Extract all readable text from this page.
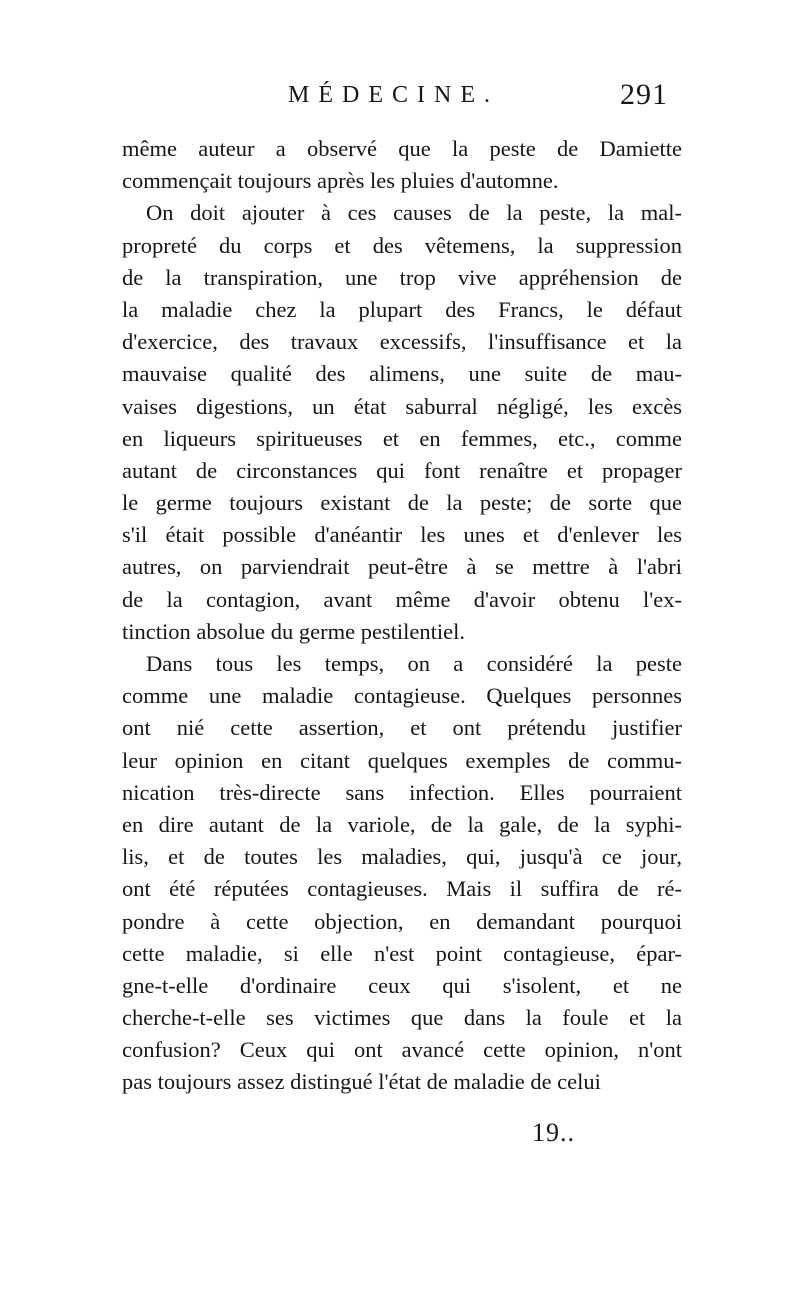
MÉDECINE.	291
même auteur a observé que la peste de Damiette
commençait toujours après les pluies d'automne.
On doit ajouter à ces causes de la peste, la mal-
propreté du corps et des vêtemens, la suppression
de la transpiration, une trop vive appréhension de
la maladie chez la plupart des Francs, le défaut
d'exercice, des travaux excessifs, l'insuffisance et la
mauvaise qualité des alimens, une suite de mau-
vaises digestions, un état saburral négligé, les excès
en liqueurs spiritueuses et en femmes, etc., comme
autant de circonstances qui font renaître et propager
le germe toujours existant de la peste; de sorte que
s'il était possible d'anéantir les unes et d'enlever les
autres, on parviendrait peut-être à se mettre à l'abri
de la contagion, avant même d'avoir obtenu l'ex-
tinction absolue du germe pestilentiel.
Dans tous les temps, on a considéré la peste
comme une maladie contagieuse. Quelques personnes
ont nié cette assertion, et ont prétendu justifier
leur opinion en citant quelques exemples de commu-
nication très-directe sans infection. Elles pourraient
en dire autant de la variole, de la gale, de la syphi-
lis, et de toutes les maladies, qui, jusqu'à ce jour,
ont été réputées contagieuses. Mais il suffira de ré-
pondre à cette objection, en demandant pourquoi
cette maladie, si elle n'est point contagieuse, épar-
gne-t-elle d'ordinaire ceux qui s'isolent, et ne
cherche-t-elle ses victimes que dans la foule et la
confusion? Ceux qui ont avancé cette opinion, n'ont
pas toujours assez distingué l'état de maladie de celui
19..
